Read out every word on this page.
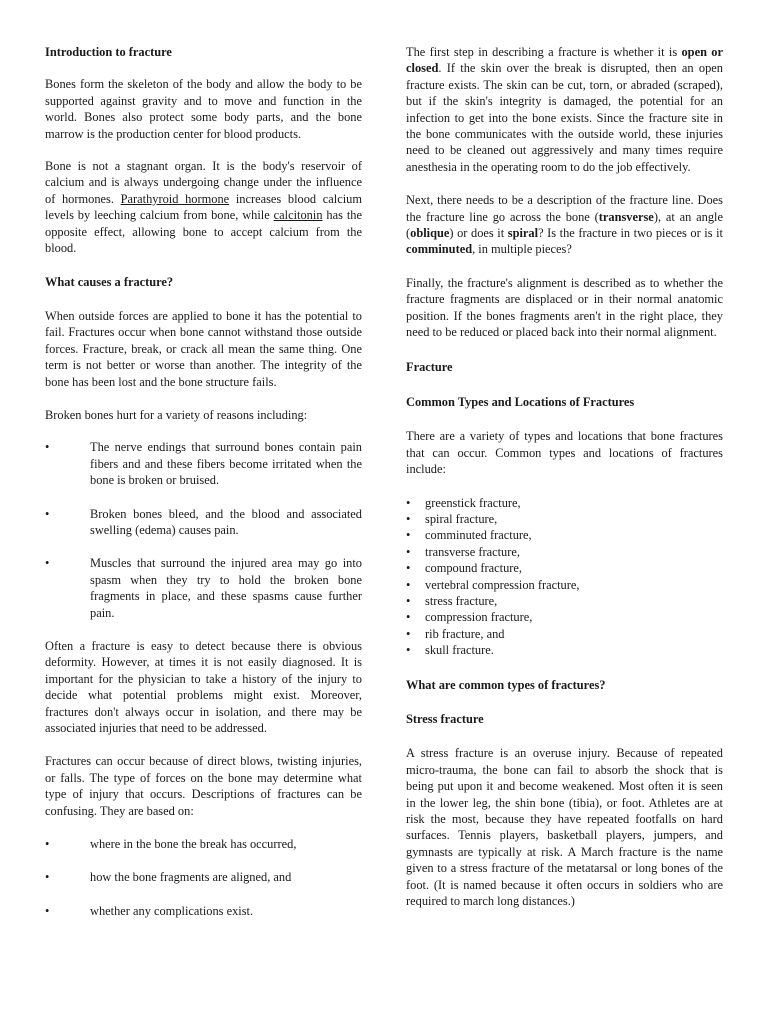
Introduction to fracture

Bones form the skeleton of the body and allow the body to be supported against gravity and to move and function in the world. Bones also protect some body parts, and the bone marrow is the production center for blood products.

Bone is not a stagnant organ. It is the body's reservoir of calcium and is always undergoing change under the influence of hormones. Parathyroid hormone increases blood calcium levels by leeching calcium from bone, while calcitonin has the opposite effect, allowing bone to accept calcium from the blood.

What causes a fracture?

When outside forces are applied to bone it has the potential to fail. Fractures occur when bone cannot withstand those outside forces. Fracture, break, or crack all mean the same thing. One term is not better or worse than another. The integrity of the bone has been lost and the bone structure fails.

Broken bones hurt for a variety of reasons including:

• The nerve endings that surround bones contain pain fibers and and these fibers become irritated when the bone is broken or bruised.

• Broken bones bleed, and the blood and associated swelling (edema) causes pain.

• Muscles that surround the injured area may go into spasm when they try to hold the broken bone fragments in place, and these spasms cause further pain.

Often a fracture is easy to detect because there is obvious deformity. However, at times it is not easily diagnosed. It is important for the physician to take a history of the injury to decide what potential problems might exist. Moreover, fractures don't always occur in isolation, and there may be associated injuries that need to be addressed.

Fractures can occur because of direct blows, twisting injuries, or falls. The type of forces on the bone may determine what type of injury that occurs. Descriptions of fractures can be confusing. They are based on:

• where in the bone the break has occurred,

• how the bone fragments are aligned, and

• whether any complications exist.

The first step in describing a fracture is whether it is open or closed. If the skin over the break is disrupted, then an open fracture exists. The skin can be cut, torn, or abraded (scraped), but if the skin's integrity is damaged, the potential for an infection to get into the bone exists. Since the fracture site in the bone communicates with the outside world, these injuries need to be cleaned out aggressively and many times require anesthesia in the operating room to do the job effectively.

Next, there needs to be a description of the fracture line. Does the fracture line go across the bone (transverse), at an angle (oblique) or does it spiral? Is the fracture in two pieces or is it comminuted, in multiple pieces?

Finally, the fracture's alignment is described as to whether the fracture fragments are displaced or in their normal anatomic position. If the bones fragments aren't in the right place, they need to be reduced or placed back into their normal alignment.

Fracture
Common Types and Locations of Fractures

There are a variety of types and locations that bone fractures that can occur. Common types and locations of fractures include:

• greenstick fracture,
• spiral fracture,
• comminuted fracture,
• transverse fracture,
• compound fracture,
• vertebral compression fracture,
• stress fracture,
• compression fracture,
• rib fracture, and
• skull fracture.
What are common types of fractures?
Stress fracture

A stress fracture is an overuse injury. Because of repeated micro-trauma, the bone can fail to absorb the shock that is being put upon it and become weakened. Most often it is seen in the lower leg, the shin bone (tibia), or foot. Athletes are at risk the most, because they have repeated footfalls on hard surfaces. Tennis players, basketball players, jumpers, and gymnasts are typically at risk. A March fracture is the name given to a stress fracture of the metatarsal or long bones of the foot. (It is named because it often occurs in soldiers who are required to march long distances.)
